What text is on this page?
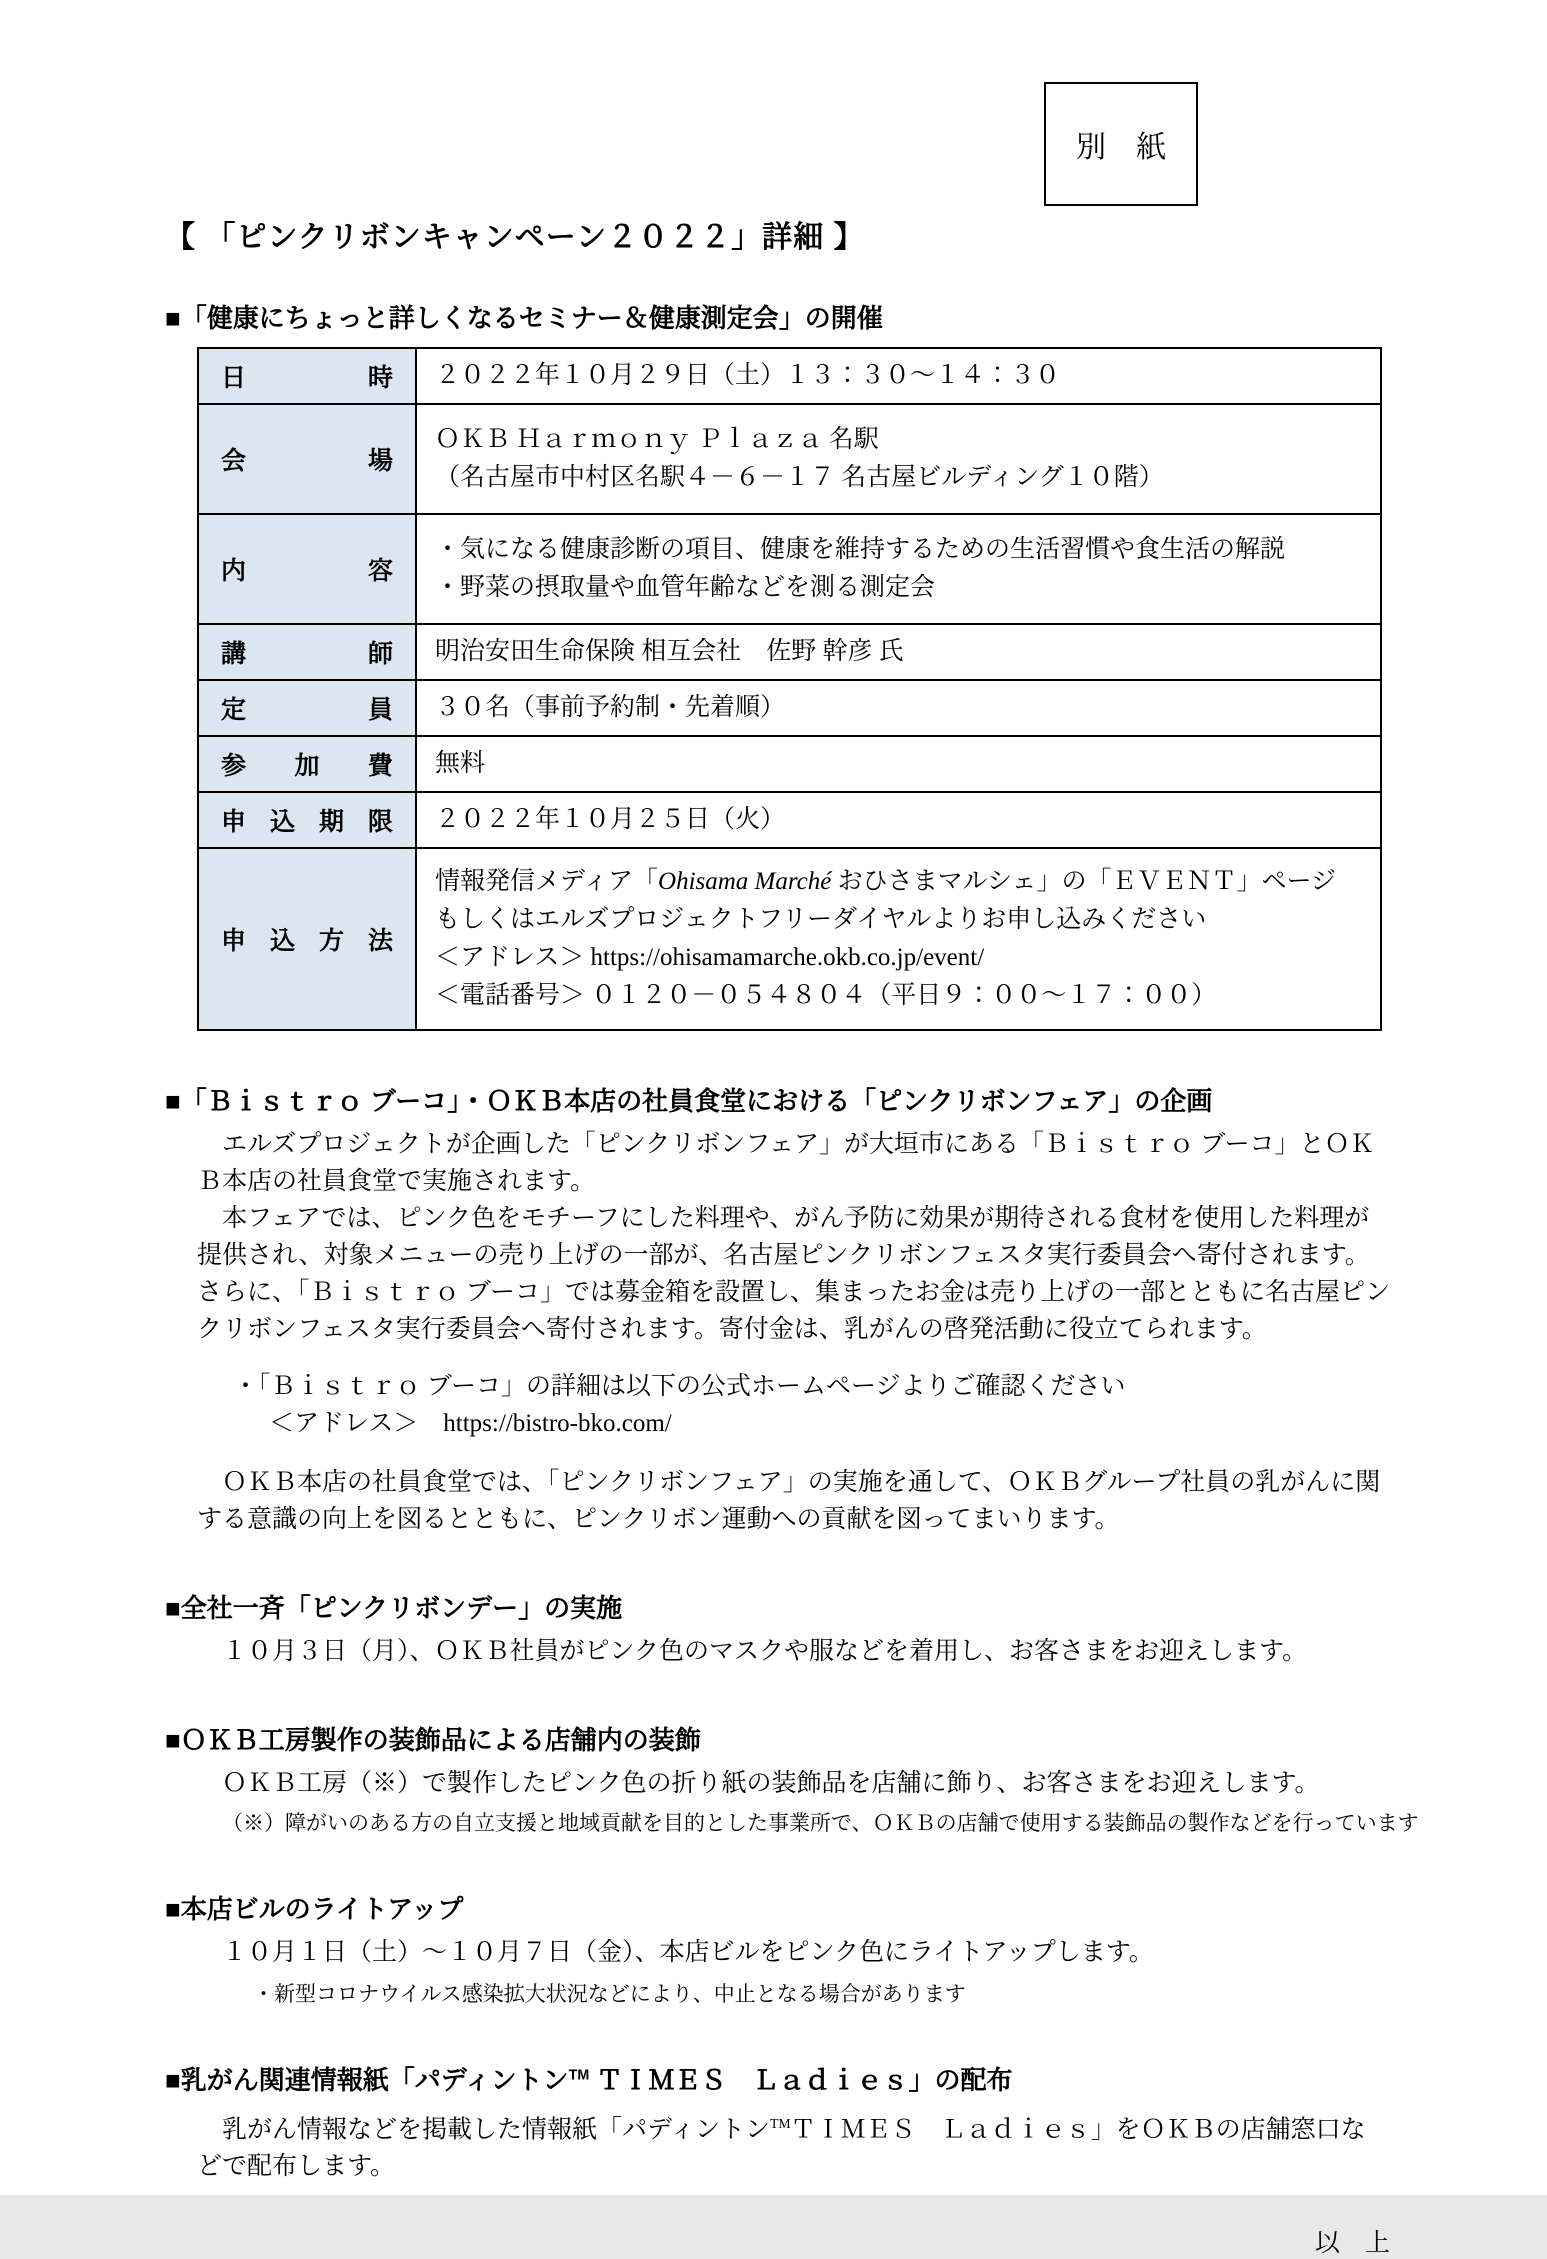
別　紙
【 「ピンクリボンキャンペーン２０２２」詳細 】
■「健康にちょっと詳しくなるセミナー＆健康測定会」の開催
日　時	２０２２年１０月２９日（土）１３：３０～１４：３０
会　場	ＯＫＢ Ｈａｒｍｏｎｙ Ｐｌａｚａ 名駅
（名古屋市中村区名駅４－６－１７ 名古屋ビルディング１０階）

内　容	・気になる健康診断の項目、健康を維持するための生活習慣や食生活の解説
・野菜の摂取量や血管年齢などを測る測定会

講　師	明治安田生命保険 相互会社　佐野 幹彦 氏
定　員	３０名（事前予約制・先着順）
参 加 費	無料
申込期限	２０２２年１０月２５日（火）
申込方法	情報発信メディア「Ohisama Marché おひさまマルシェ」の「ＥＶＥＮＴ」ページ
もしくはエルズプロジェクトフリーダイヤルよりお申し込みください
＜アドレス＞ https://ohisamamarche.okb.co.jp/event/
＜電話番号＞ ０１２０－０５４８０４（平日９：００～１７：００）
■「Ｂｉｓｔｒｏ ブーコ」・ＯＫＢ本店の社員食堂における「ピンクリボンフェア」の企画

　エルズプロジェクトが企画した「ピンクリボンフェア」が大垣市にある「Ｂｉｓｔｒｏ ブーコ」とＯＫＢ本店の社員食堂で実施されます。

　本フェアでは、ピンク色をモチーフにした料理や、がん予防に効果が期待される食材を使用した料理が提供され、対象メニューの売り上げの一部が、名古屋ピンクリボンフェスタ実行委員会へ寄付されます。さらに、「Ｂｉｓｔｒｏ ブーコ」では募金箱を設置し、集まったお金は売り上げの一部とともに名古屋ピンクリボンフェスタ実行委員会へ寄付されます。寄付金は、乳がんの啓発活動に役立てられます。

・「Ｂｉｓｔｒｏ ブーコ」の詳細は以下の公式ホームページよりご確認ください
＜アドレス＞　https://bistro-bko.com/

　ＯＫＢ本店の社員食堂では、「ピンクリボンフェア」の実施を通して、ＯＫＢグループ社員の乳がんに関する意識の向上を図るとともに、ピンクリボン運動への貢献を図ってまいります。

■全社一斉「ピンクリボンデー」の実施

　１０月３日（月）、ＯＫＢ社員がピンク色のマスクや服などを着用し、お客さまをお迎えします。

■ＯＫＢ工房製作の装飾品による店舗内の装飾

　ＯＫＢ工房（※）で製作したピンク色の折り紙の装飾品を店舗に飾り、お客さまをお迎えします。

（※）障がいのある方の自立支援と地域貢献を目的とした事業所で、ＯＫＢの店舗で使用する装飾品の製作などを行っています
■本店ビルのライトアップ

　１０月１日（土）～１０月７日（金）、本店ビルをピンク色にライトアップします。

・新型コロナウイルス感染拡大状況などにより、中止となる場合があります
■乳がん関連情報紙「パディントン™ ＴＩＭＥＳ　Ｌａｄｉｅｓ」の配布

　乳がん情報などを掲載した情報紙「パディントン™ＴＩＭＥＳ　Ｌａｄｉｅｓ」をＯＫＢの店舗窓口などで配布します。

以　上
